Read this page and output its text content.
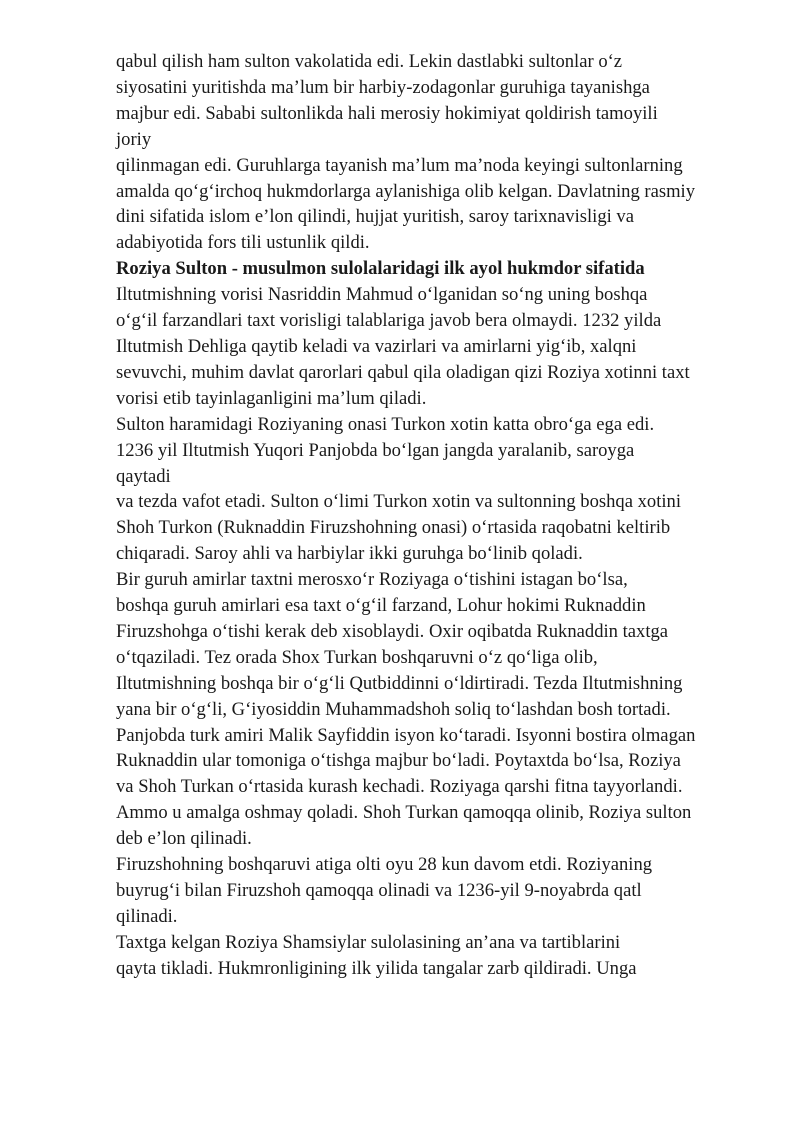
qabul qilish ham sulton vakolatida edi. Lekin dastlabki sultonlar o‘z
siyosatini yuritishda ma’lum bir harbiy-zodagonlar guruhiga tayanishga
majbur edi. Sababi sultonlikda hali merosiy hokimiyat qoldirish tamoyili
joriy
qilinmagan edi. Guruhlarga tayanish ma’lum ma’noda keyingi sultonlarning
amalda qo‘g‘irchoq hukmdorlarga aylanishiga olib kelgan. Davlatning rasmiy
dini sifatida islom e’lon qilindi, hujjat yuritish, saroy tarixnavisligi va
adabiyotida fors tili ustunlik qildi.
Roziya Sulton - musulmon sulolalaridagi ilk ayol hukmdor sifatida
Iltutmishning vorisi Nasriddin Mahmud o‘lganidan so‘ng uning boshqa
o‘g‘il farzandlari taxt vorisligi talablariga javob bera olmaydi. 1232 yilda
Iltutmish Dehliga qaytib keladi va vazirlari va amirlarni yig‘ib, xalqni
sevuvchi, muhim davlat qarorlari qabul qila oladigan qizi Roziya xotinni taxt
vorisi etib tayinlaganligini ma’lum qiladi.
Sulton haramidagi Roziyaning onasi Turkon xotin katta obro‘ga ega edi.
1236 yil Iltutmish Yuqori Panjobda bo‘lgan jangda yaralanib, saroyga
qaytadi
va tezda vafot etadi. Sulton o‘limi Turkon xotin va sultonning boshqa xotini
Shoh Turkon (Ruknaddin Firuzshohning onasi) o‘rtasida raqobatni keltirib
chiqaradi. Saroy ahli va harbiylar ikki guruhga bo‘linib qoladi.
Bir guruh amirlar taxtni merosxo‘r Roziyaga o‘tishini istagan bo‘lsa,
boshqa guruh amirlari esa taxt o‘g‘il farzand, Lohur hokimi Ruknaddin
Firuzshohga o‘tishi kerak deb xisoblaydi. Oxir oqibatda Ruknaddin taxtga
o‘tqaziladi. Tez orada Shox Turkan boshqaruvni o‘z qo‘liga olib,
Iltutmishning boshqa bir o‘g‘li Qutbiddinni o‘ldirtiradi. Tezda Iltutmishning
yana bir o‘g‘li, G‘iyosiddin Muhammadshoh soliq to‘lashdan bosh tortadi.
Panjobda turk amiri Malik Sayfiddin isyon ko‘taradi. Isyonni bostira olmagan
Ruknaddin ular tomoniga o‘tishga majbur bo‘ladi. Poytaxtda bo‘lsa, Roziya
va Shoh Turkan o‘rtasida kurash kechadi. Roziyaga qarshi fitna tayyorlandi.
Ammo u amalga oshmay qoladi. Shoh Turkan qamoqqa olinib, Roziya sulton
deb e’lon qilinadi.
Firuzshohning boshqaruvi atiga olti oyu 28 kun davom etdi. Roziyaning
buyrug‘i bilan Firuzshoh qamoqqa olinadi va 1236-yil 9-noyabrda qatl
qilinadi.
Taxtga kelgan Roziya Shamsiylar sulolasining an’ana va tartiblarini
qayta tikladi. Hukmronligining ilk yilida tangalar zarb qildiradi. Unga
